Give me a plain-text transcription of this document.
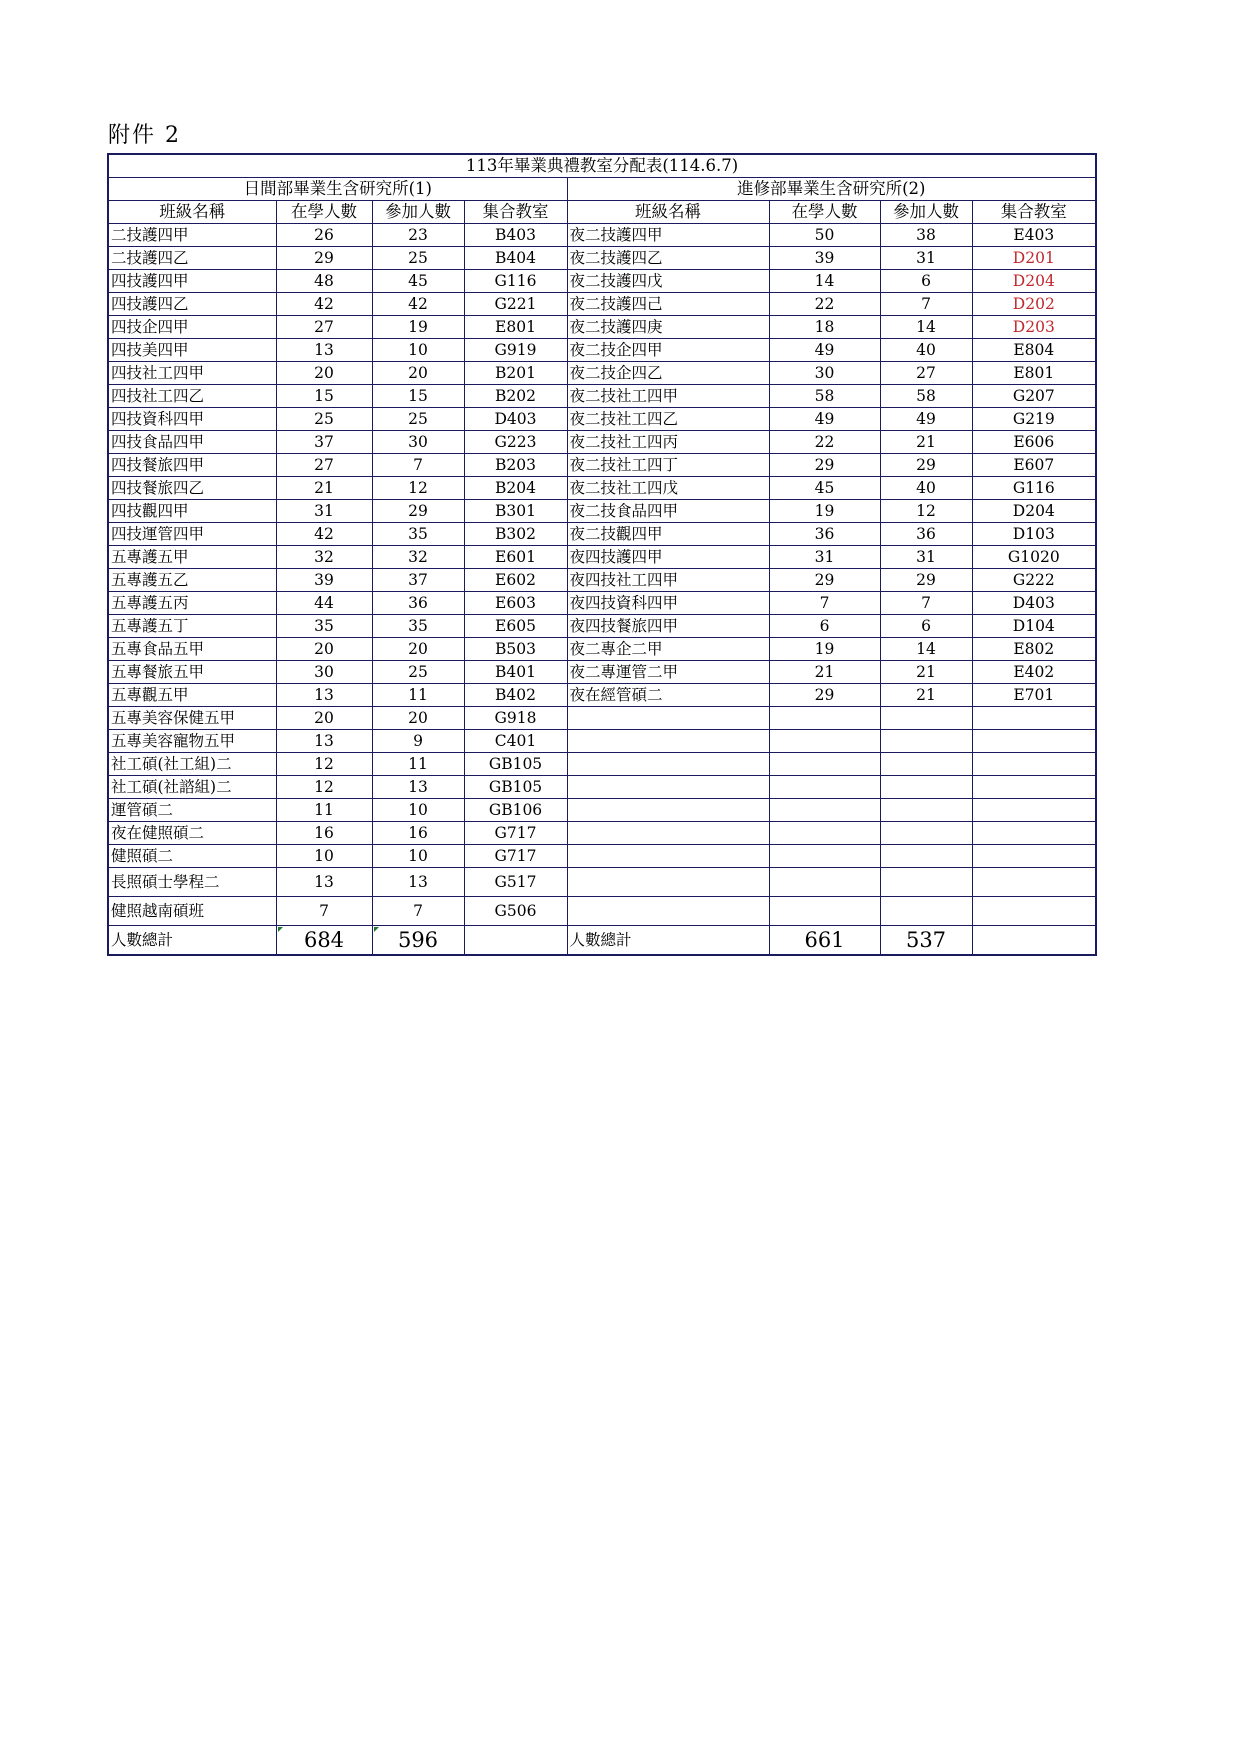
附件 2
113年畢業典禮教室分配表(114.6.7)							
日間部畢業生含研究所(1)				進修部畢業生含研究所(2)			
班級名稱	在學人數	參加人數	集合教室	班級名稱	在學人數	參加人數	集合教室
二技護四甲	26	23	B403	夜二技護四甲	50	38	E403
二技護四乙	29	25	B404	夜二技護四乙	39	31	D201
四技護四甲	48	45	G116	夜二技護四戊	14	6	D204
四技護四乙	42	42	G221	夜二技護四己	22	7	D202
四技企四甲	27	19	E801	夜二技護四庚	18	14	D203
四技美四甲	13	10	G919	夜二技企四甲	49	40	E804
四技社工四甲	20	20	B201	夜二技企四乙	30	27	E801
四技社工四乙	15	15	B202	夜二技社工四甲	58	58	G207
四技資科四甲	25	25	D403	夜二技社工四乙	49	49	G219
四技食品四甲	37	30	G223	夜二技社工四丙	22	21	E606
四技餐旅四甲	27	7	B203	夜二技社工四丁	29	29	E607
四技餐旅四乙	21	12	B204	夜二技社工四戊	45	40	G116
四技觀四甲	31	29	B301	夜二技食品四甲	19	12	D204
四技運管四甲	42	35	B302	夜二技觀四甲	36	36	D103
五專護五甲	32	32	E601	夜四技護四甲	31	31	G1020
五專護五乙	39	37	E602	夜四技社工四甲	29	29	G222
五專護五丙	44	36	E603	夜四技資科四甲	7	7	D403
五專護五丁	35	35	E605	夜四技餐旅四甲	6	6	D104
五專食品五甲	20	20	B503	夜二專企二甲	19	14	E802
五專餐旅五甲	30	25	B401	夜二專運管二甲	21	21	E402
五專觀五甲	13	11	B402	夜在經管碩二	29	21	E701
五專美容保健五甲	20	20	G918				
五專美容寵物五甲	13	9	C401				
社工碩(社工組)二	12	11	GB105				
社工碩(社諮組)二	12	13	GB105				
運管碩二	11	10	GB106				
夜在健照碩二	16	16	G717				
健照碩二	10	10	G717				
長照碩士學程二	13	13	G517				
健照越南碩班	7	7	G506				
人數總計	684	596		人數總計	661	537	
